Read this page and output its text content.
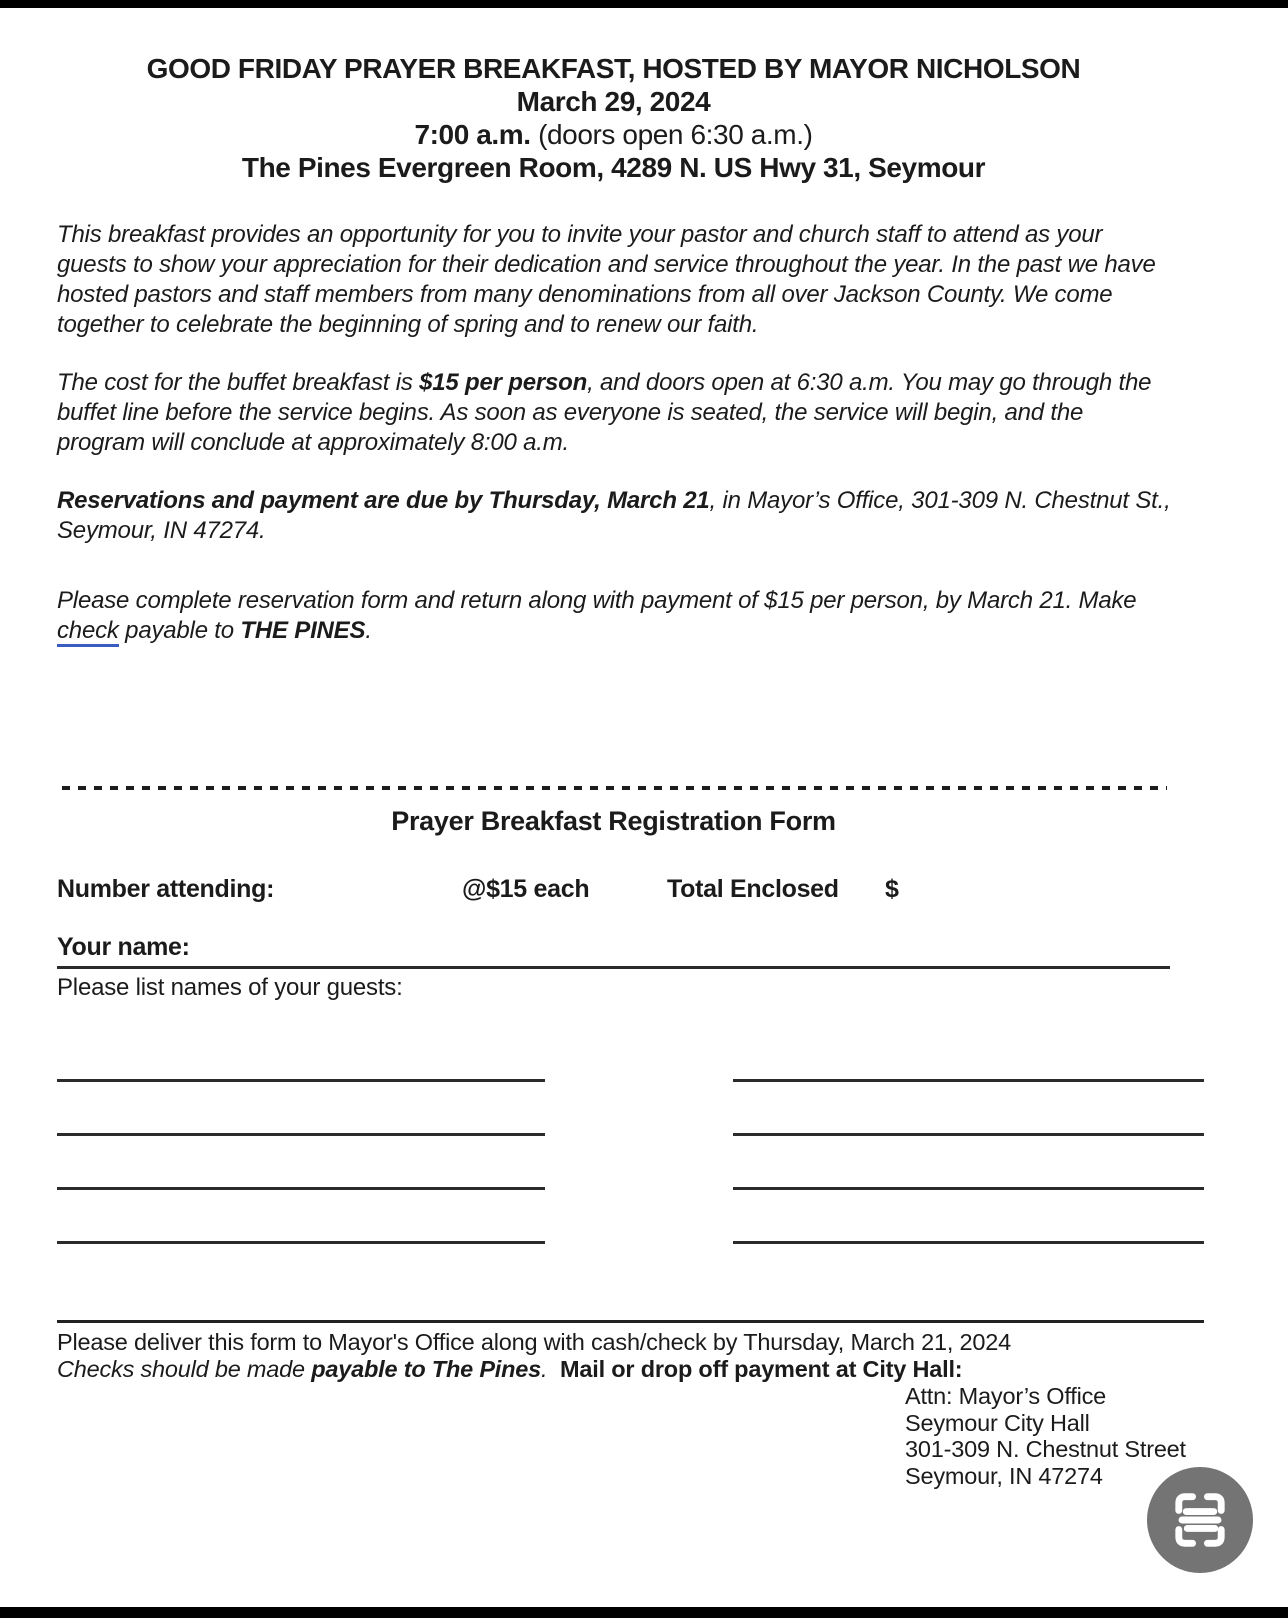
GOOD FRIDAY PRAYER BREAKFAST, HOSTED BY MAYOR NICHOLSON
March 29, 2024
7:00 a.m. (doors open 6:30 a.m.)
The Pines Evergreen Room, 4289 N. US Hwy 31, Seymour

This breakfast provides an opportunity for you to invite your pastor and church staff to attend as your guests to show your appreciation for their dedication and service throughout the year. In the past we have hosted pastors and staff members from many denominations from all over Jackson County. We come together to celebrate the beginning of spring and to renew our faith.

The cost for the buffet breakfast is $15 per person, and doors open at 6:30 a.m. You may go through the buffet line before the service begins. As soon as everyone is seated, the service will begin, and the program will conclude at approximately 8:00 a.m.

Reservations and payment are due by Thursday, March 21, in Mayor’s Office, 301-309 N. Chestnut St., Seymour, IN 47274.

Please complete reservation form and return along with payment of $15 per person, by March 21. Make check payable to THE PINES.

Prayer Breakfast Registration Form
Number attending:	@$15 each	Total Enclosed $
Your name:
Please list names of your guests:
Please deliver this form to Mayor's Office along with cash/check by Thursday, March 21, 2024
Checks should be made payable to The Pines. Mail or drop off payment at City Hall:
Attn: Mayor’s Office
Seymour City Hall
301-309 N. Chestnut Street
Seymour, IN 47274
